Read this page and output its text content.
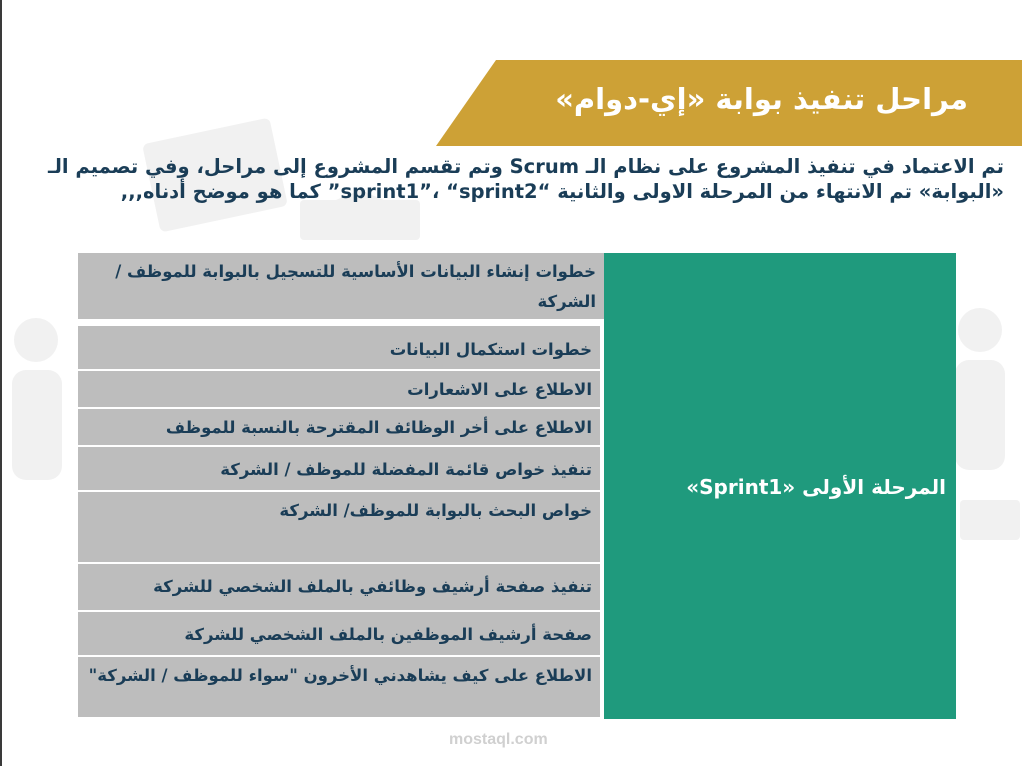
مراحل تنفيذ بوابة «إي-دوام»
تم الاعتماد في تنفيذ المشروع على نظام الـ Scrum وتم تقسم المشروع إلى مراحل، وفي تصميم الـ «البوابة» تم الانتهاء من المرحلة الاولى والثانية “sprint1”، “sprint2” كما هو موضح أدناه,,,
المرحلة الأولى «Sprint1»
خطوات إنشاء البيانات الأساسية للتسجيل بالبوابة للموظف / الشركة
خطوات استكمال البيانات
الاطلاع على الاشعارات
الاطلاع على أخر الوظائف المقترحة بالنسبة للموظف
تنفيذ خواص قائمة المفضلة للموظف / الشركة
خواص البحث بالبوابة للموظف/ الشركة
تنفيذ صفحة أرشيف وظائفي بالملف الشخصي للشركة
صفحة أرشيف الموظفين بالملف الشخصي للشركة
الاطلاع على كيف يشاهدني الأخرون "سواء للموظف / الشركة"
mostaql.com
